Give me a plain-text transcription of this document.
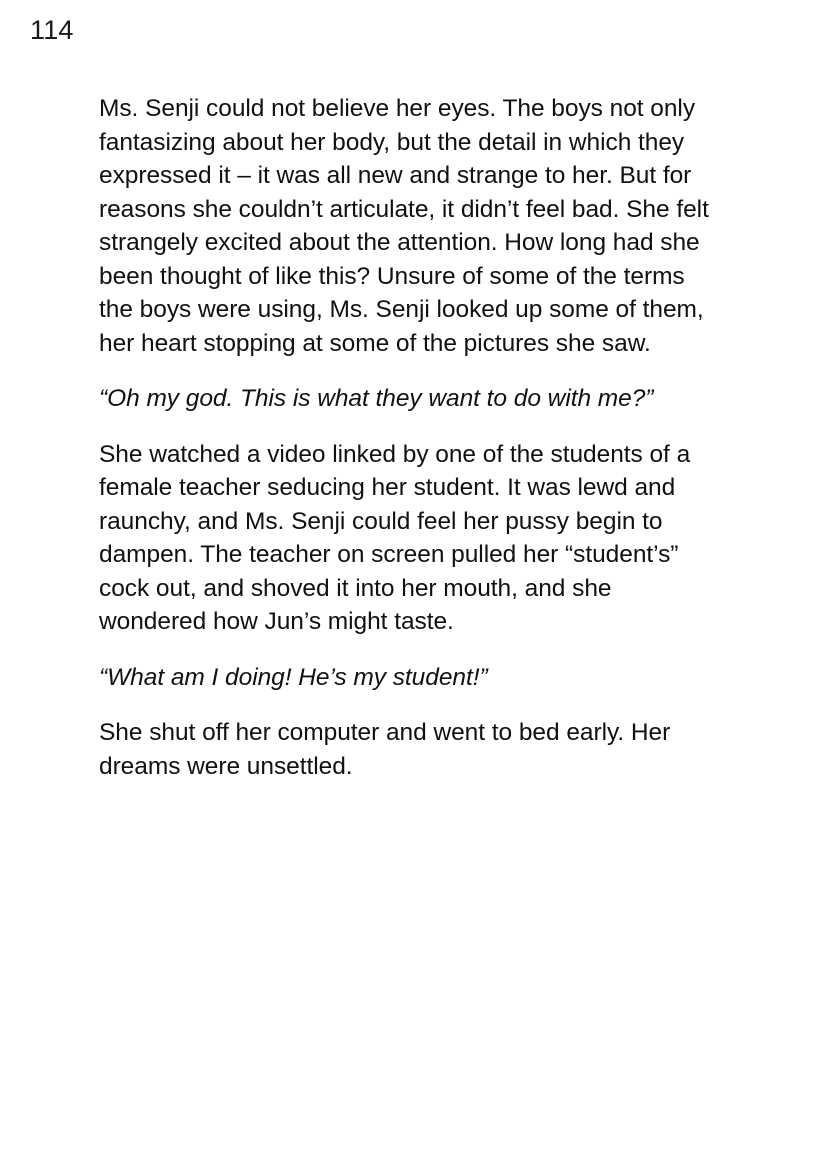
114

Ms. Senji could not believe her eyes. The boys not only fantasizing about her body, but the detail in which they expressed it – it was all new and strange to her. But for reasons she couldn’t articulate, it didn’t feel bad. She felt strangely excited about the attention. How long had she been thought of like this? Unsure of some of the terms the boys were using, Ms. Senji looked up some of them, her heart stopping at some of the pictures she saw.

“Oh my god. This is what they want to do with me?”

She watched a video linked by one of the students of a female teacher seducing her student. It was lewd and raunchy, and Ms. Senji could feel her pussy begin to dampen. The teacher on screen pulled her “student’s” cock out, and shoved it into her mouth, and she wondered how Jun’s might taste.

“What am I doing! He’s my student!”

She shut off her computer and went to bed early. Her dreams were unsettled.
